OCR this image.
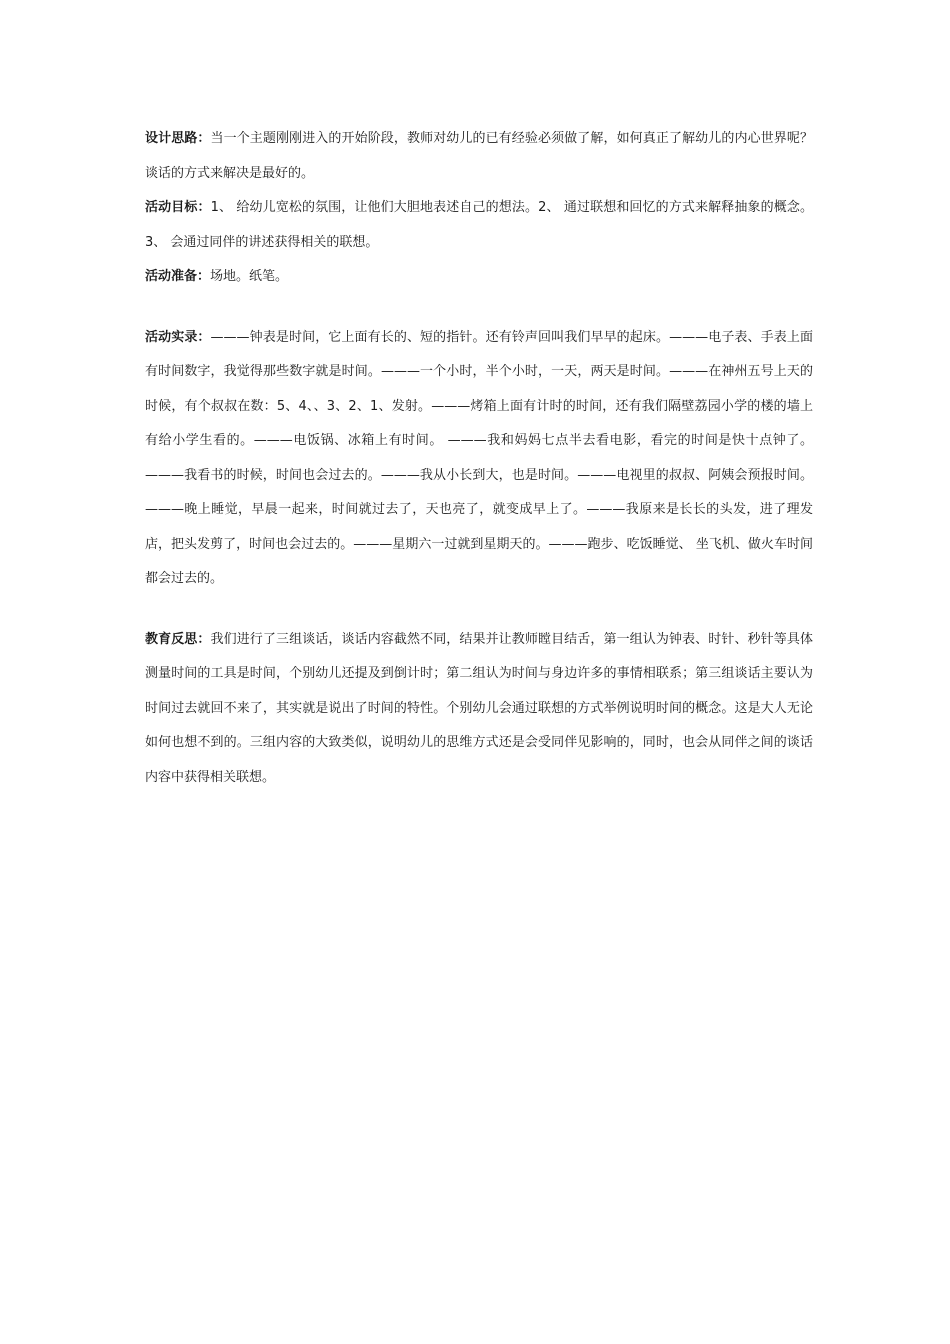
设计思路：当一个主题刚刚进入的开始阶段，教师对幼儿的已有经验必须做了解，如何真正了解幼儿的内心世界呢？谈话的方式来解决是最好的。

活动目标：1、 给幼儿宽松的氛围，让他们大胆地表述自己的想法。2、 通过联想和回忆的方式来解释抽象的概念。3、 会通过同伴的讲述获得相关的联想。

活动准备：场地。纸笔。

活动实录：———钟表是时间，它上面有长的、短的指针。还有铃声回叫我们早早的起床。———电子表、手表上面有时间数字，我觉得那些数字就是时间。———一个小时，半个小时，一天，两天是时间。———在神州五号上天的时候，有个叔叔在数：5、4、、3、2、1、发射。———烤箱上面有计时的时间，还有我们隔壁荔园小学的楼的墙上有给小学生看的。———电饭锅、冰箱上有时间。 ———我和妈妈七点半去看电影，看完的时间是快十点钟了。———我看书的时候，时间也会过去的。———我从小长到大，也是时间。———电视里的叔叔、阿姨会预报时间。———晚上睡觉，早晨一起来，时间就过去了，天也亮了，就变成早上了。———我原来是长长的头发，进了理发店，把头发剪了，时间也会过去的。———星期六一过就到星期天的。———跑步、吃饭睡觉、 坐飞机、做火车时间都会过去的。

教育反思：我们进行了三组谈话，谈话内容截然不同，结果并让教师瞠目结舌，第一组认为钟表、时针、秒针等具体测量时间的工具是时间，个别幼儿还提及到倒计时；第二组认为时间与身边许多的事情相联系；第三组谈话主要认为时间过去就回不来了，其实就是说出了时间的特性。个别幼儿会通过联想的方式举例说明时间的概念。这是大人无论如何也想不到的。三组内容的大致类似，说明幼儿的思维方式还是会受同伴见影响的，同时，也会从同伴之间的谈话内容中获得相关联想。
